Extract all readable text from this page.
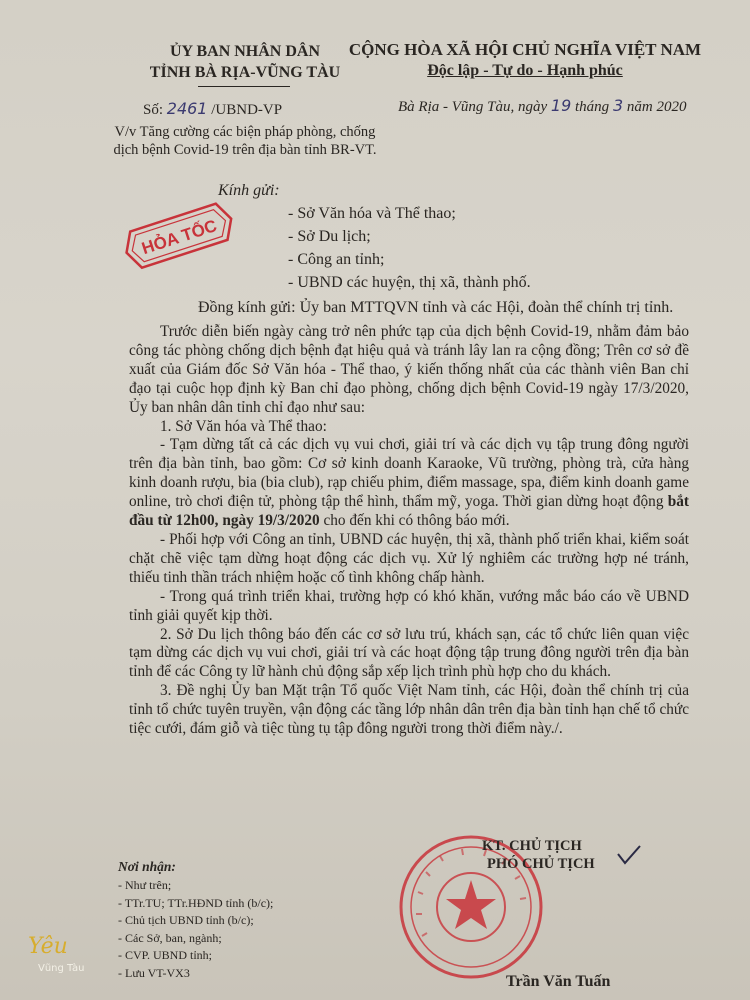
ỦY BAN NHÂN DÂN
TỈNH BÀ RỊA-VŨNG TÀU
CỘNG HÒA XÃ HỘI CHỦ NGHĨA VIỆT NAM
Độc lập - Tự do - Hạnh phúc
Số: 2461 /UBND-VP	Bà Rịa - Vũng Tàu, ngày 19 tháng 3 năm 2020
V/v Tăng cường các biện pháp phòng, chống dịch bệnh Covid-19 trên địa bàn tỉnh BR-VT.
Kính gửi:
- Sở Văn hóa và Thể thao;
- Sở Du lịch;
- Công an tỉnh;
- UBND các huyện, thị xã, thành phố.
HỎA TỐC
Đồng kính gửi: Ủy ban MTTQVN tỉnh và các Hội, đoàn thể chính trị tỉnh.

Trước diễn biến ngày càng trở nên phức tạp của dịch bệnh Covid-19, nhằm đảm bảo công tác phòng chống dịch bệnh đạt hiệu quả và tránh lây lan ra cộng đồng; Trên cơ sở đề xuất của Giám đốc Sở Văn hóa - Thể thao, ý kiến thống nhất của các thành viên Ban chỉ đạo tại cuộc họp định kỳ Ban chỉ đạo phòng, chống dịch bệnh Covid-19 ngày 17/3/2020, Ủy ban nhân dân tỉnh chỉ đạo như sau:

1. Sở Văn hóa và Thể thao:

- Tạm dừng tất cả các dịch vụ vui chơi, giải trí và các dịch vụ tập trung đông người trên địa bàn tỉnh, bao gồm: Cơ sở kinh doanh Karaoke, Vũ trường, phòng trà, cửa hàng kinh doanh rượu, bia (bia club), rạp chiếu phim, điểm massage, spa, điểm kinh doanh game online, trò chơi điện tử, phòng tập thể hình, thẩm mỹ, yoga. Thời gian dừng hoạt động bắt đầu từ 12h00, ngày 19/3/2020 cho đến khi có thông báo mới.

- Phối hợp với Công an tỉnh, UBND các huyện, thị xã, thành phố triển khai, kiểm soát chặt chẽ việc tạm dừng hoạt động các dịch vụ. Xử lý nghiêm các trường hợp né tránh, thiếu tinh thần trách nhiệm hoặc cố tình không chấp hành.

- Trong quá trình triển khai, trường hợp có khó khăn, vướng mắc báo cáo về UBND tỉnh giải quyết kịp thời.

2. Sở Du lịch thông báo đến các cơ sở lưu trú, khách sạn, các tổ chức liên quan việc tạm dừng các dịch vụ vui chơi, giải trí và các hoạt động tập trung đông người trên địa bàn tỉnh để các Công ty lữ hành chủ động sắp xếp lịch trình phù hợp cho du khách.

3. Đề nghị Ủy ban Mặt trận Tổ quốc Việt Nam tỉnh, các Hội, đoàn thể chính trị của tỉnh tổ chức tuyên truyền, vận động các tầng lớp nhân dân trên địa bàn tỉnh hạn chế tổ chức tiệc cưới, đám giỗ và tiệc tùng tụ tập đông người trong thời điểm này./.

KT. CHỦ TỊCH
PHÓ CHỦ TỊCH
Trần Văn Tuấn
Nơi nhận:
- Như trên;
- TTr.TU; TTr.HĐND tỉnh (b/c);
- Chủ tịch UBND tỉnh (b/c);
- Các Sở, ban, ngành;
- CVP. UBND tỉnh;
- Lưu VT-VX3
Yêu
Vũng Tàu
